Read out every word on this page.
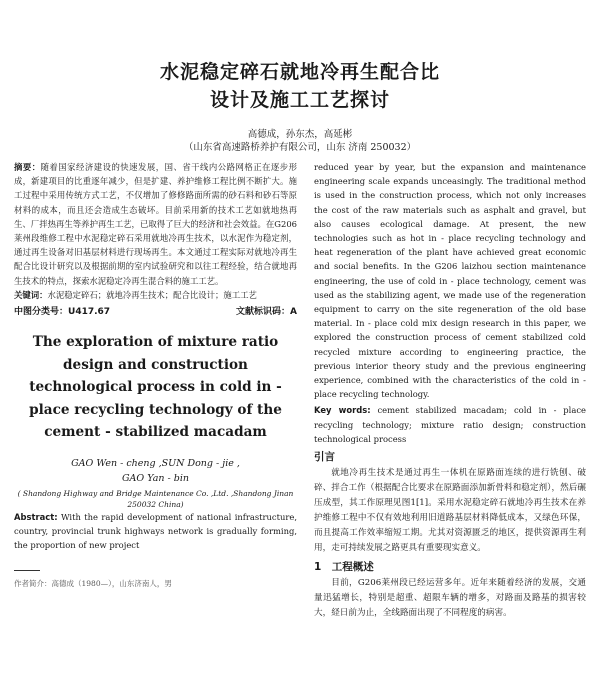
水泥稳定碎石就地冷再生配合比
设计及施工工艺探讨
高德成，孙东杰，高延彬
（山东省高速路桥养护有限公司，山东 济南 250032）

摘要：随着国家经济建设的快速发展，国、省干线内公路网格正在逐步形成，新建项目的比重逐年减少，但是扩建、养护维修工程比例不断扩大。施工过程中采用传统方式工艺，不仅增加了修修路面所需的砂石料和砂石等原材料的成本，而且还会造成生态破坏。目前采用新的技术工艺如就地热再生、厂拌热再生等养护再生工艺，已取得了巨大的经济和社会效益。在G206莱州段维修工程中水泥稳定碎石采用就地冷再生技术，以水泥作为稳定剂，通过再生设备对旧基层材料进行现场再生。本文通过工程实际对就地冷再生配合比设计研究以及根据前期的室内试验研究和以往工程经验，结合就地再生技术的特点，探索水泥稳定冷再生混合料的施工工艺。

关键词：水泥稳定碎石；就地冷再生技术；配合比设计；施工工艺

中图分类号：U417.67	文献标识码：A
The exploration of mixture ratio design and construction technological process in cold in - place recycling technology of the cement - stabilized macadam
GAO Wen - cheng ,SUN Dong - jie ,
GAO Yan - bin
( Shandong Highway and Bridge Maintenance Co. ,Ltd. ,Shandong Jinan 250032 China)

Abstract: With the rapid development of national infrastructure, country, provincial trunk highways network is gradually forming, the proportion of new project

作者简介：高德成（1980—），山东济南人，男

reduced year by year, but the expansion and maintenance engineering scale expands unceasingly. The traditional method is used in the construction process, which not only increases the cost of the raw materials such as asphalt and gravel, but also causes ecological damage. At present, the new technologies such as hot in - place recycling technology and heat regeneration of the plant have achieved great economic and social benefits. In the G206 laizhou section maintenance engineering, the use of cold in - place technology, cement was used as the stabilizing agent, we made use of the regeneration equipment to carry on the site regeneration of the old base material. In - place cold mix design research in this paper, we explored the construction process of cement stabilized cold recycled mixture according to engineering practice, the previous interior theory study and the previous engineering experience, combined with the characteristics of the cold in - place recycling technology.

Key words: cement stabilized macadam; cold in - place recycling technology; mixture ratio design; construction technological process

引言

就地冷再生技术是通过再生一体机在原路面连续的进行铣刨、破碎、拌合工作（根据配合比要求在原路面添加新骨料和稳定剂），然后碾压成型，其工作原理见图1[1]。采用水泥稳定碎石就地冷再生技术在养护维修工程中不仅有效地利用旧道路基层材料降低成本，又绿色环保，而且提高工作效率缩短工期。尤其对资源匮乏的地区，提供资源再生利用，走可持续发展之路更具有重要现实意义。

1　工程概述

目前，G206莱州段已经运营多年。近年来随着经济的发展，交通量迅猛增长，特别是超重、超限车辆的增多，对路面及路基的损害较大，経日前为止，全线路面出现了不同程度的病害。
